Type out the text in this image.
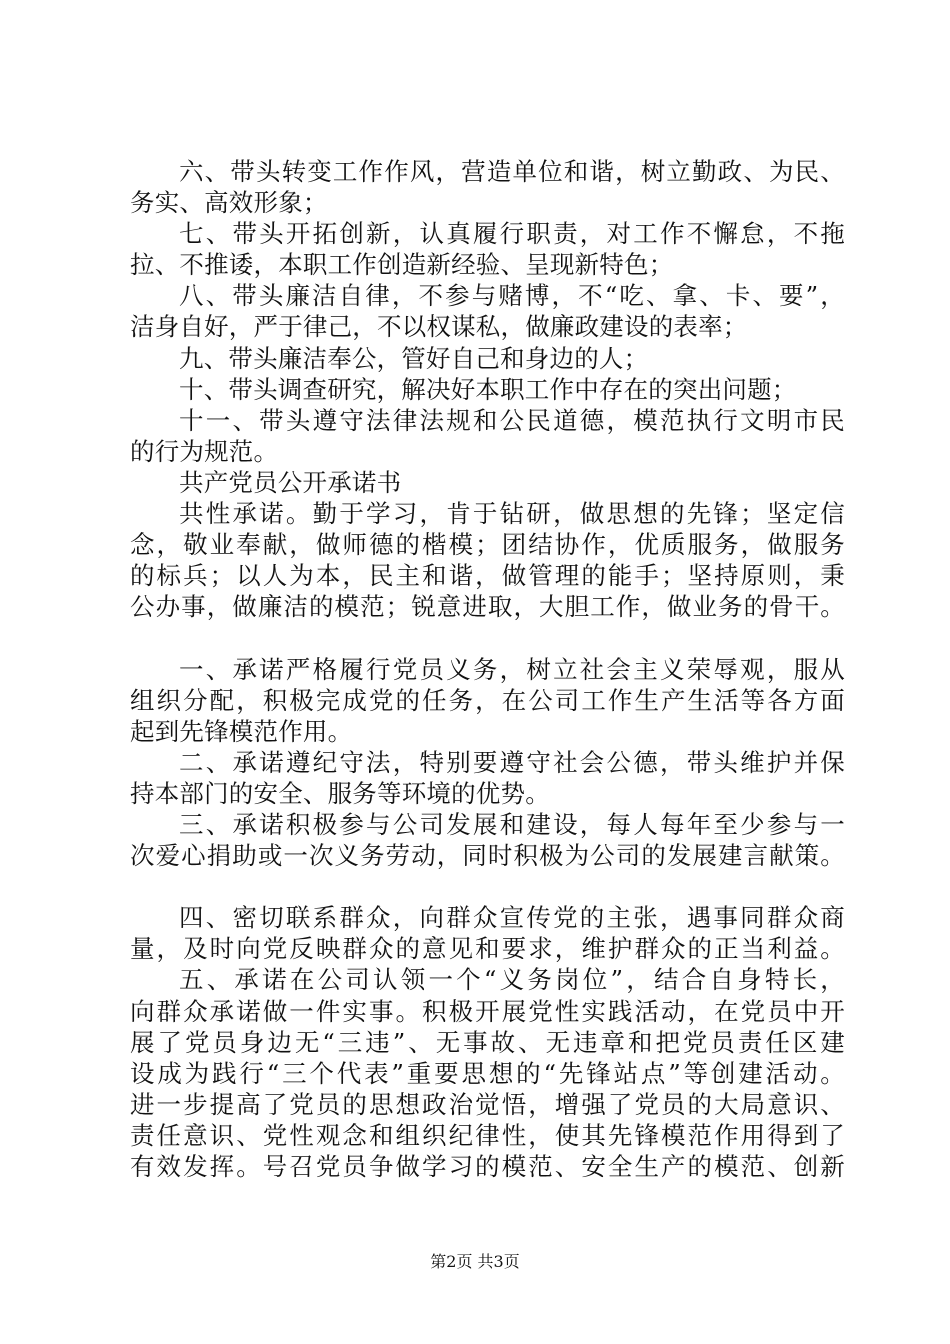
六、带头转变工作作风，营造单位和谐，树立勤政、为民、
务实、高效形象；
七、带头开拓创新，认真履行职责，对工作不懈怠，不拖
拉、不推诿，本职工作创造新经验、呈现新特色；
八、带头廉洁自律，不参与赌博，不“吃、拿、卡、要”，
洁身自好，严于律己，不以权谋私，做廉政建设的表率；
九、带头廉洁奉公，管好自己和身边的人；
十、带头调查研究，解决好本职工作中存在的突出问题；
十一、带头遵守法律法规和公民道德，模范执行文明市民
的行为规范。
共产党员公开承诺书
共性承诺。勤于学习，肯于钻研，做思想的先锋；坚定信
念，敬业奉献，做师德的楷模；团结协作，优质服务，做服务
的标兵；以人为本，民主和谐，做管理的能手；坚持原则，秉
公办事，做廉洁的模范；锐意进取，大胆工作，做业务的骨干。
一、承诺严格履行党员义务，树立社会主义荣辱观，服从
组织分配，积极完成党的任务，在公司工作生产生活等各方面
起到先锋模范作用。
二、承诺遵纪守法，特别要遵守社会公德，带头维护并保
持本部门的安全、服务等环境的优势。
三、承诺积极参与公司发展和建设，每人每年至少参与一
次爱心捐助或一次义务劳动，同时积极为公司的发展建言献策。
四、密切联系群众，向群众宣传党的主张，遇事同群众商
量，及时向党反映群众的意见和要求，维护群众的正当利益。
五、承诺在公司认领一个“义务岗位”，结合自身特长，
向群众承诺做一件实事。积极开展党性实践活动，在党员中开
展了党员身边无“三违”、无事故、无违章和把党员责任区建
设成为践行“三个代表”重要思想的“先锋站点”等创建活动。
进一步提高了党员的思想政治觉悟，增强了党员的大局意识、
责任意识、党性观念和组织纪律性，使其先锋模范作用得到了
有效发挥。号召党员争做学习的模范、安全生产的模范、创新
第2页 共3页
